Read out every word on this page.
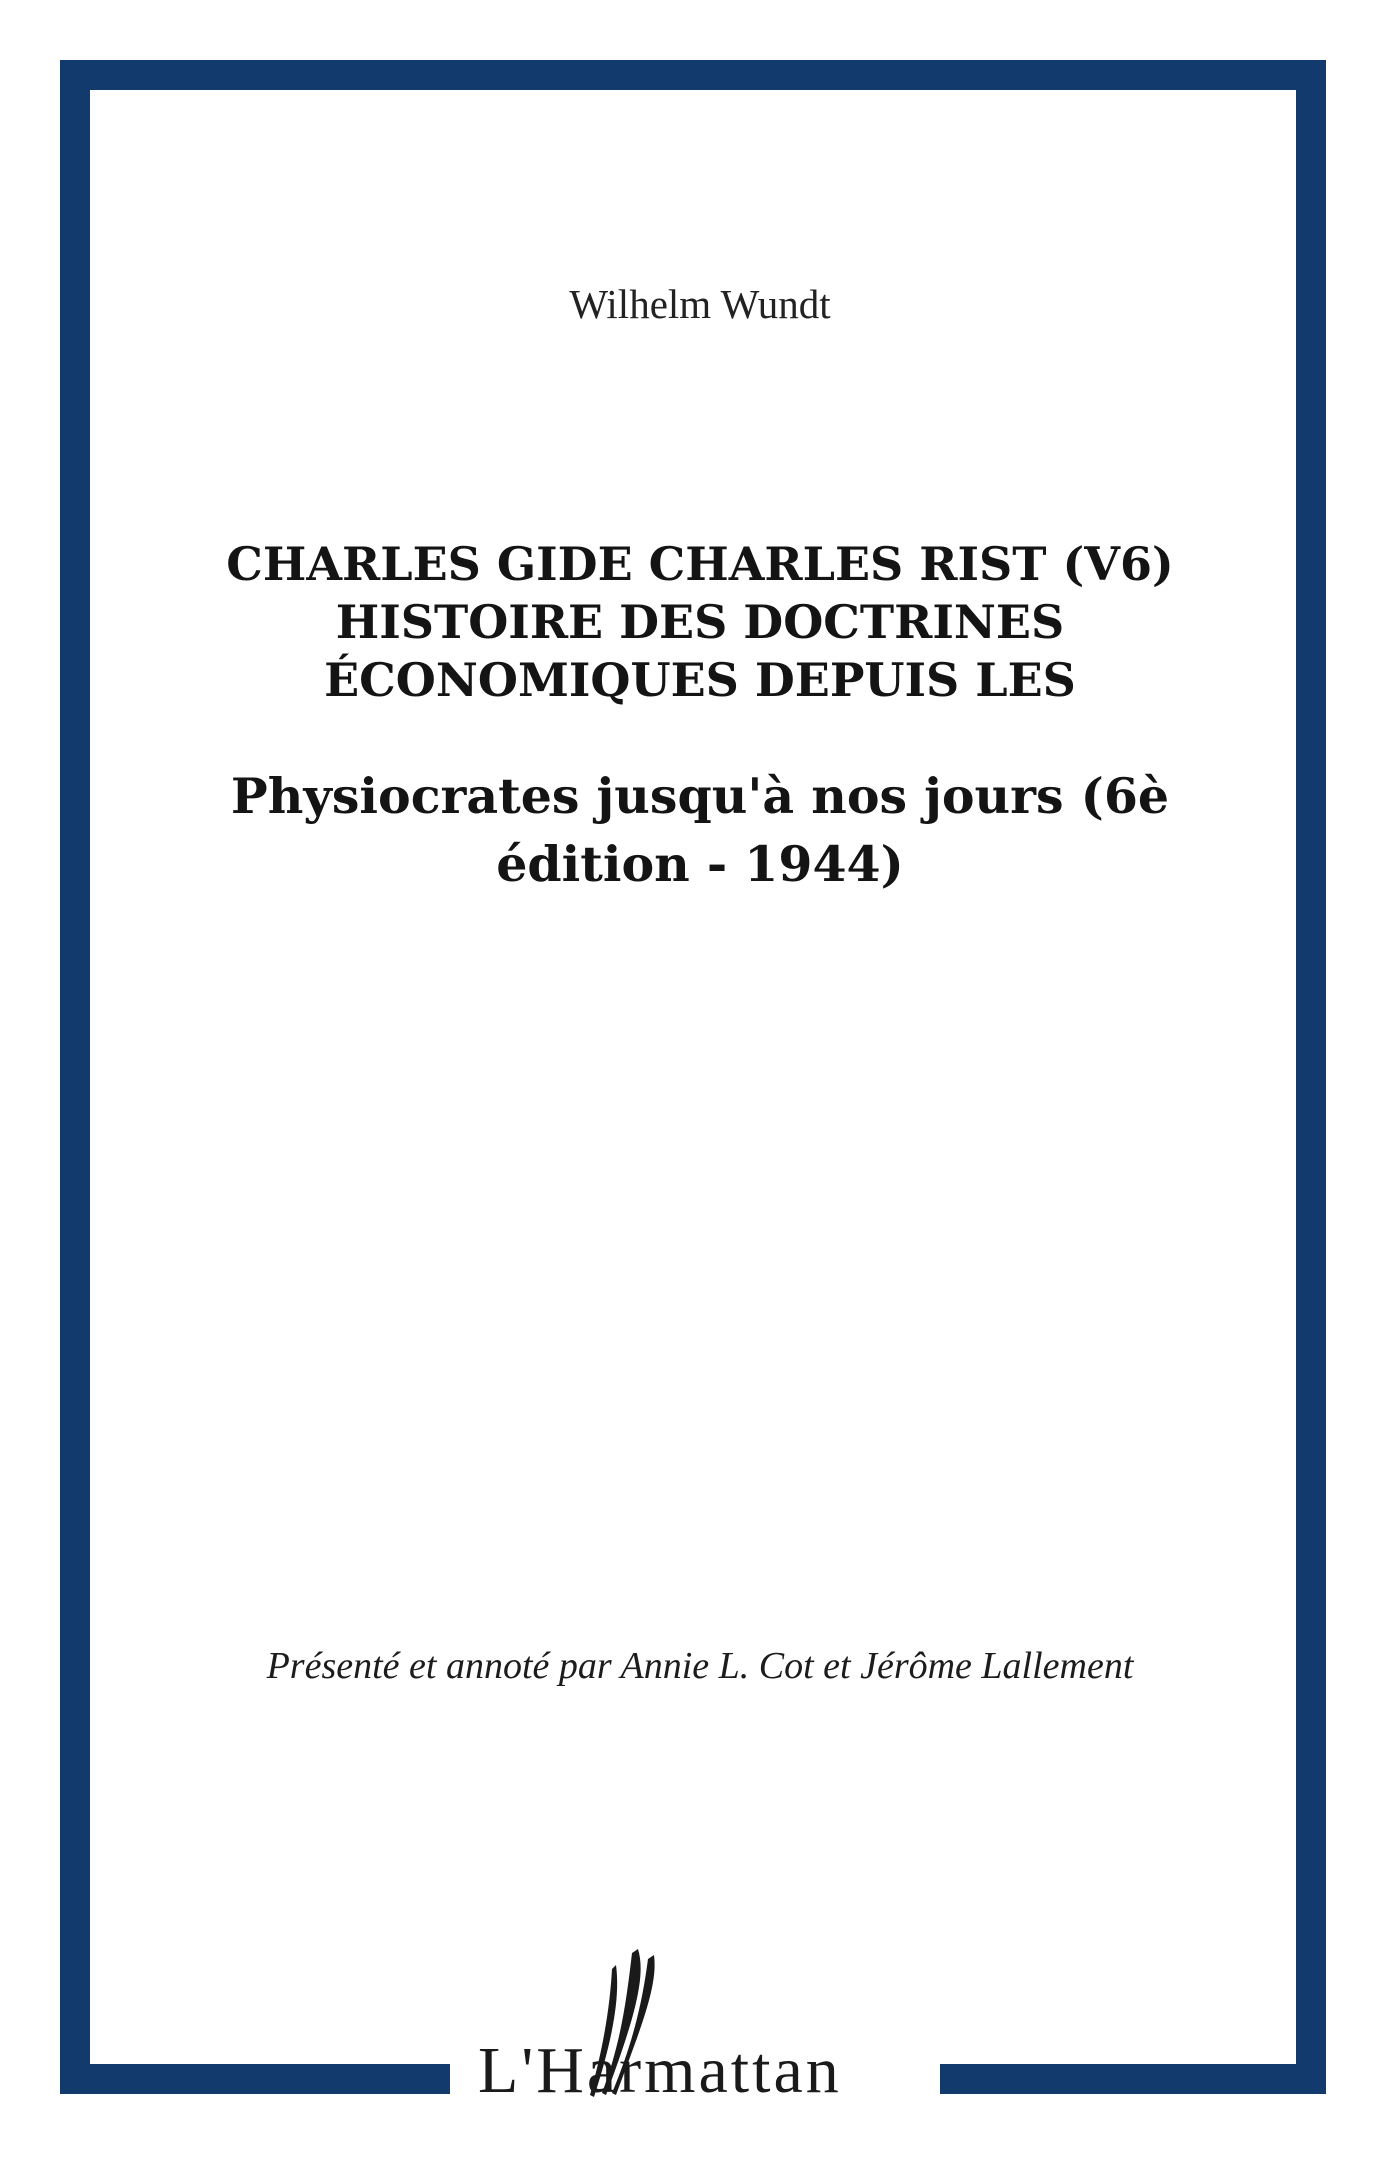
Wilhelm Wundt
CHARLES GIDE CHARLES RIST (V6)
HISTOIRE DES DOCTRINES
ÉCONOMIQUES DEPUIS LES
Physiocrates jusqu'à nos jours (6è édition - 1944)
Présenté et annoté par Annie L. Cot et Jérôme Lallement
L'Harmattan
